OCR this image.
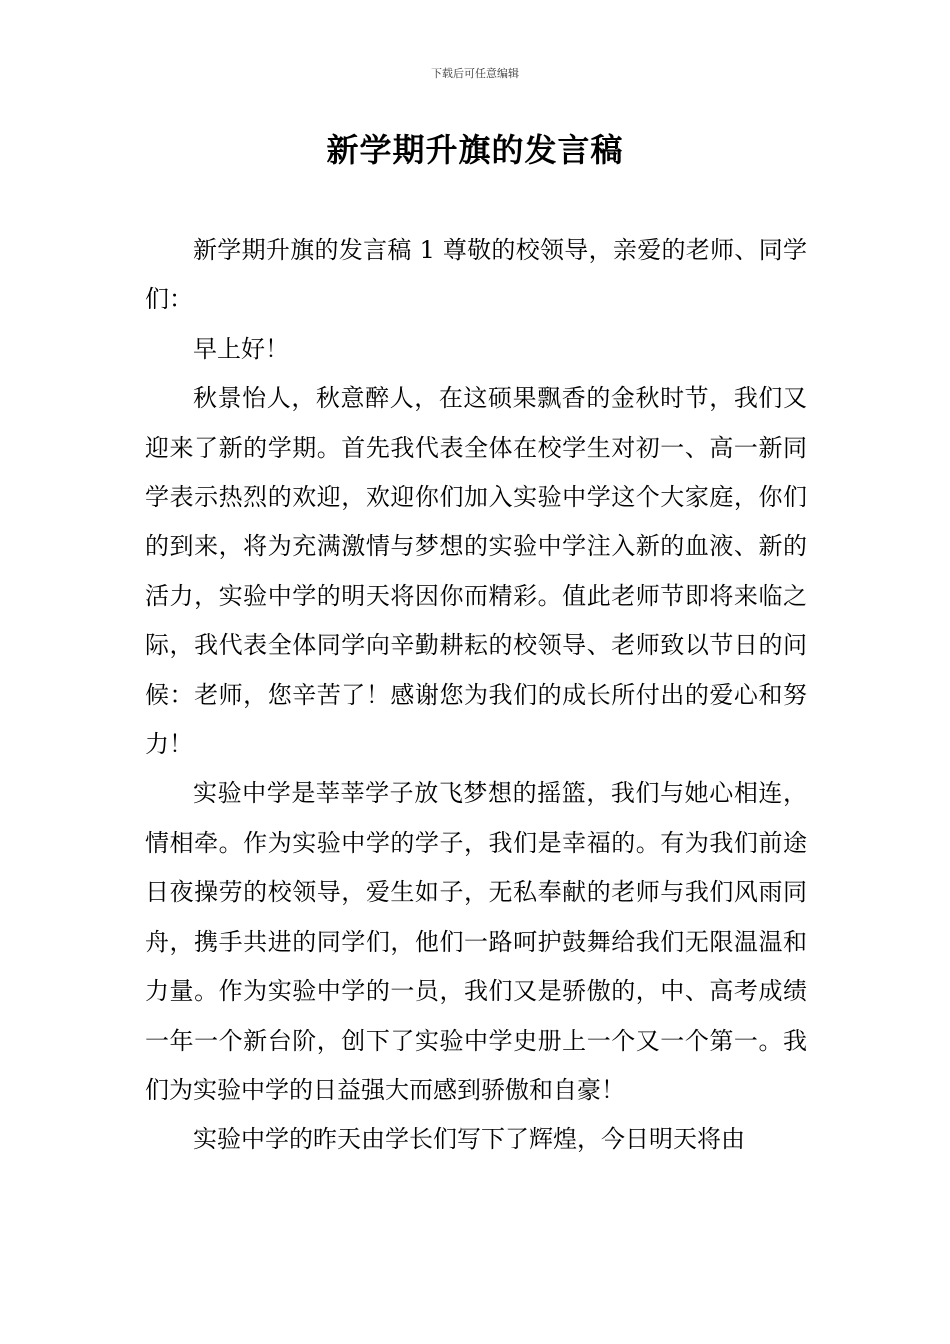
下载后可任意编辑
新学期升旗的发言稿

新学期升旗的发言稿 1 尊敬的校领导，亲爱的老师、同学们：

早上好！

秋景怡人，秋意醉人，在这硕果飘香的金秋时节，我们又迎来了新的学期。首先我代表全体在校学生对初一、高一新同学表示热烈的欢迎，欢迎你们加入实验中学这个大家庭，你们的到来，将为充满激情与梦想的实验中学注入新的血液、新的活力，实验中学的明天将因你而精彩。值此老师节即将来临之际，我代表全体同学向辛勤耕耘的校领导、老师致以节日的问候：老师，您辛苦了！感谢您为我们的成长所付出的爱心和努力！

实验中学是莘莘学子放飞梦想的摇篮，我们与她心相连，情相牵。作为实验中学的学子，我们是幸福的。有为我们前途日夜操劳的校领导，爱生如子，无私奉献的老师与我们风雨同舟，携手共进的同学们，他们一路呵护鼓舞给我们无限温温和力量。作为实验中学的一员，我们又是骄傲的，中、高考成绩一年一个新台阶，创下了实验中学史册上一个又一个第一。我们为实验中学的日益强大而感到骄傲和自豪！

实验中学的昨天由学长们写下了辉煌，今日明天将由
